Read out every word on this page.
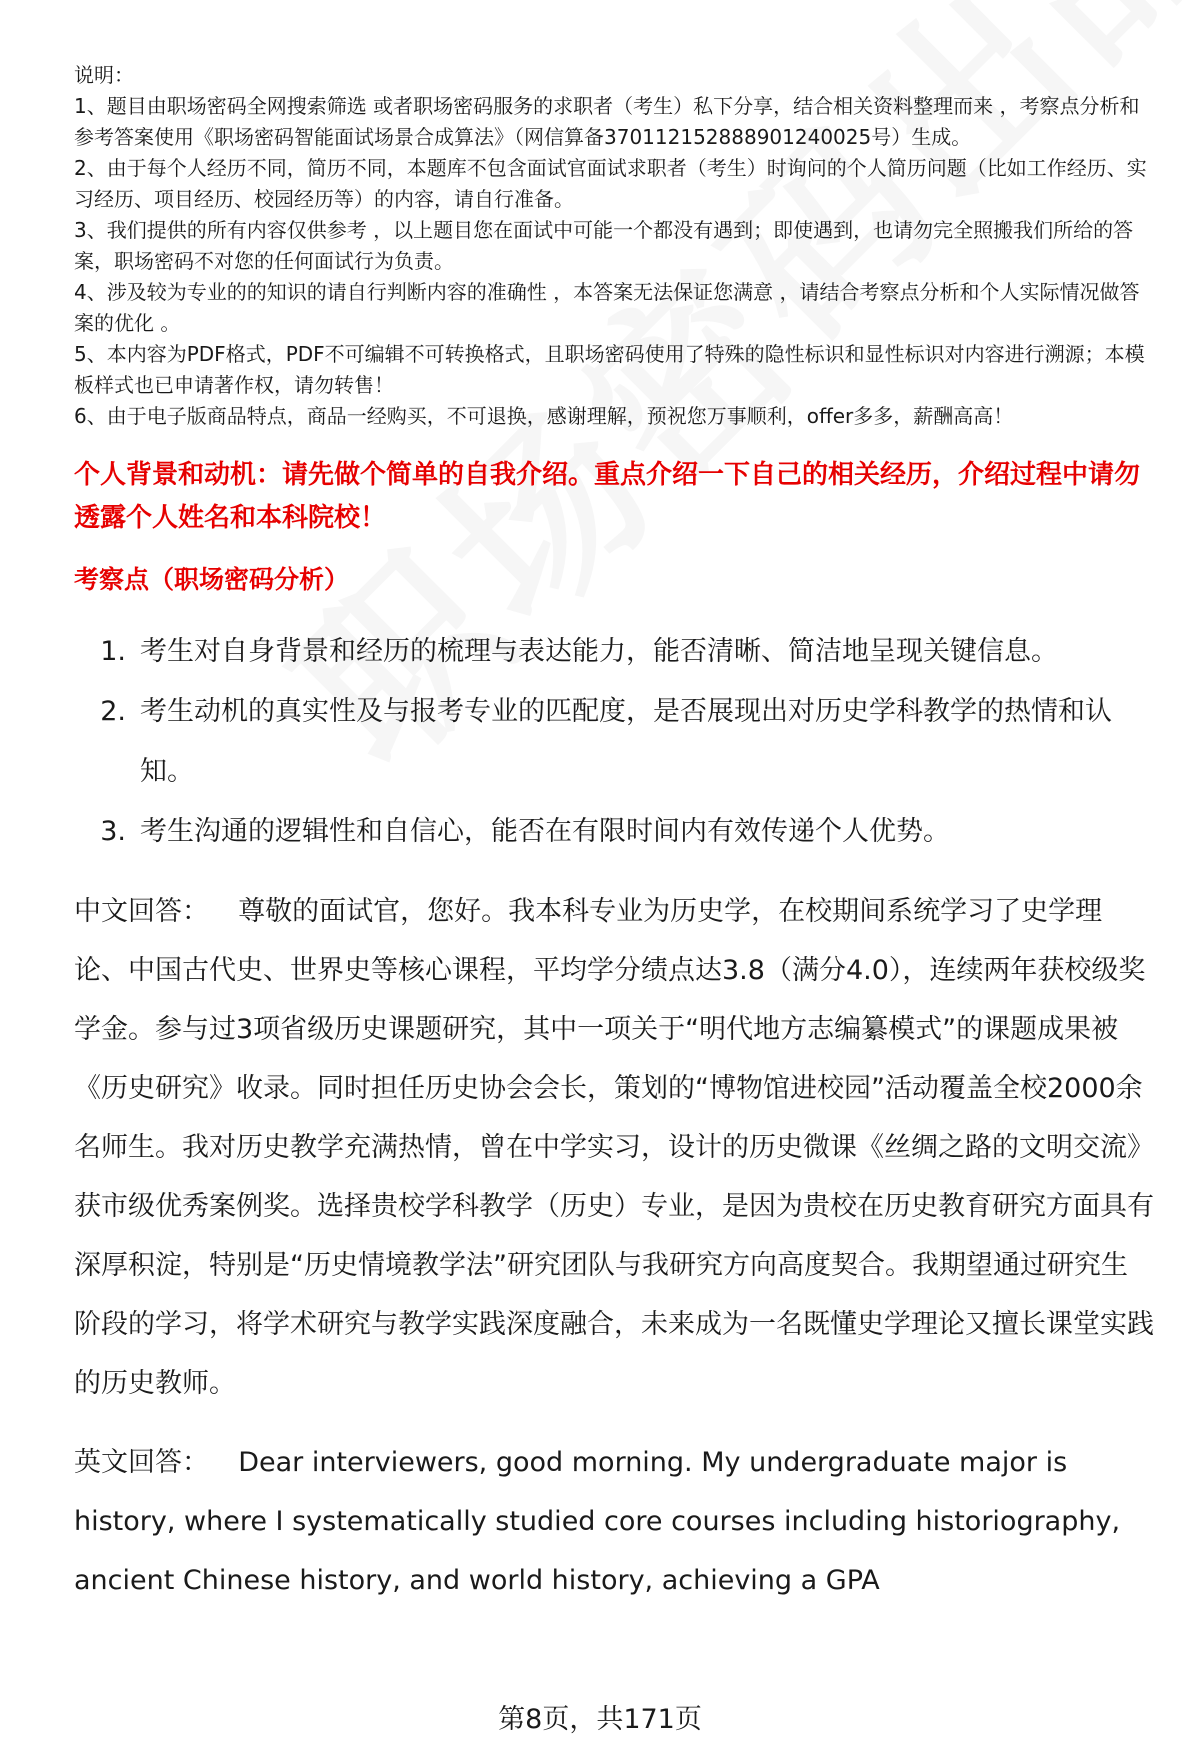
说明：

1、题目由职场密码全网搜索筛选 或者职场密码服务的求职者（考生）私下分享，结合相关资料整理而来 ，考察点分析和参考答案使用《职场密码智能面试场景合成算法》（网信算备370112152888901240025号）生成。

2、由于每个人经历不同，简历不同，本题库不包含面试官面试求职者（考生）时询问的个人简历问题（比如工作经历、实习经历、项目经历、校园经历等）的内容，请自行准备。

3、我们提供的所有内容仅供参考 ，以上题目您在面试中可能一个都没有遇到；即使遇到，也请勿完全照搬我们所给的答案，职场密码不对您的任何面试行为负责。

4、涉及较为专业的的知识的请自行判断内容的准确性 ，本答案无法保证您满意 ，请结合考察点分析和个人实际情况做答案的优化 。

5、本内容为PDF格式，PDF不可编辑不可转换格式，且职场密码使用了特殊的隐性标识和显性标识对内容进行溯源；本模板样式也已申请著作权，请勿转售！

6、由于电子版商品特点，商品一经购买，不可退换，感谢理解，预祝您万事顺利，offer多多，薪酬高高！

个人背景和动机：请先做个简单的自我介绍。重点介绍一下自己的相关经历，介绍过程中请勿透露个人姓名和本科院校！
考察点（职场密码分析）
1. 考生对自身背景和经历的梳理与表达能力，能否清晰、简洁地呈现关键信息。
2. 考生动机的真实性及与报考专业的匹配度，是否展现出对历史学科教学的热情和认知。
3. 考生沟通的逻辑性和自信心，能否在有限时间内有效传递个人优势。
中文回答： 尊敬的面试官，您好。我本科专业为历史学，在校期间系统学习了史学理论、中国古代史、世界史等核心课程，平均学分绩点达3.8（满分4.0），连续两年获校级奖学金。参与过3项省级历史课题研究，其中一项关于“明代地方志编纂模式”的课题成果被《历史研究》收录。同时担任历史协会会长，策划的“博物馆进校园”活动覆盖全校2000余名师生。我对历史教学充满热情，曾在中学实习，设计的历史微课《丝绸之路的文明交流》获市级优秀案例奖。选择贵校学科教学（历史）专业，是因为贵校在历史教育研究方面具有深厚积淀，特别是“历史情境教学法”研究团队与我研究方向高度契合。我期望通过研究生阶段的学习，将学术研究与教学实践深度融合，未来成为一名既懂史学理论又擅长课堂实践的历史教师。
英文回答： Dear interviewers, good morning. My undergraduate major is history, where I systematically studied core courses including historiography, ancient Chinese history, and world history, achieving a GPA
第8页，共171页
